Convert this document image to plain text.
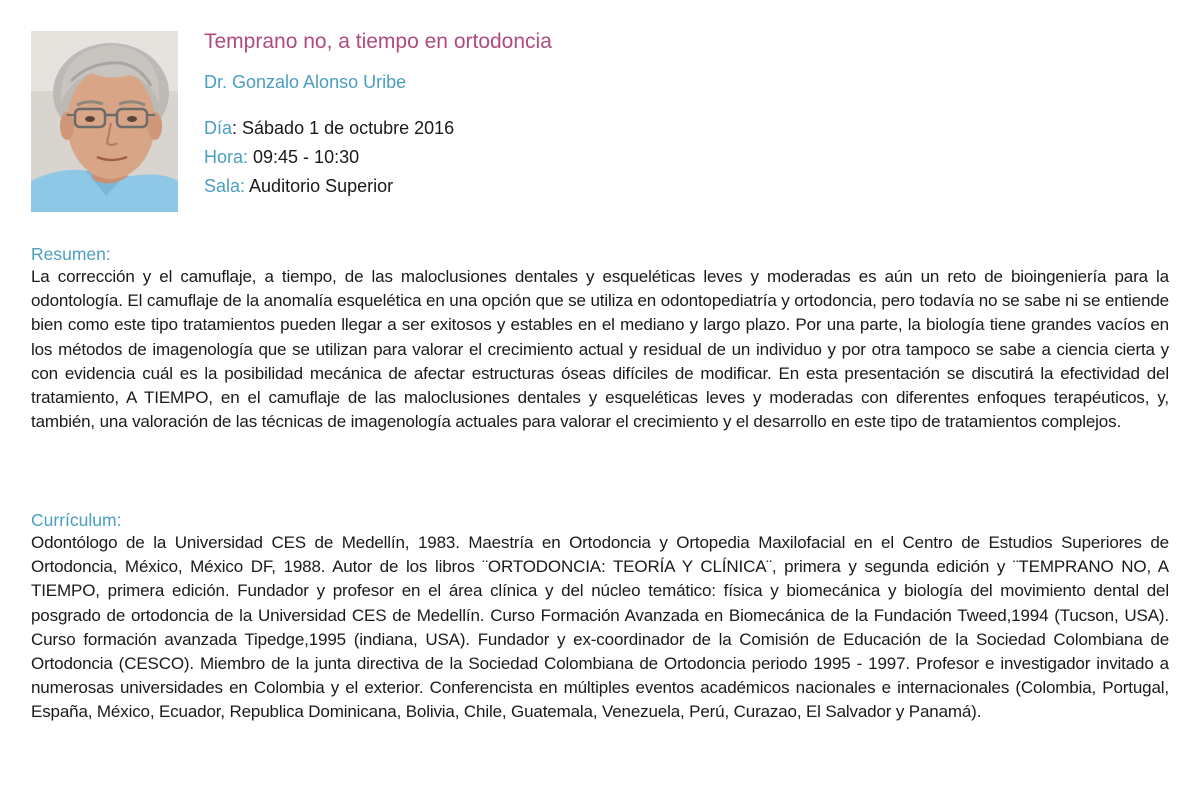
Temprano no, a tiempo en ortodoncia

Dr. Gonzalo Alonso Uribe

Día: Sábado 1 de octubre 2016
Hora: 09:45 - 10:30
Sala: Auditorio Superior

Resumen:

La corrección y el camuflaje, a tiempo, de las maloclusiones dentales y esqueléticas leves y moderadas es aún un reto de bioingeniería para la odontología. El camuflaje de la anomalía esquelética en una opción que se utiliza en odontopediatría y ortodoncia, pero todavía no se sabe ni se entiende bien como este tipo tratamientos pueden llegar a ser exitosos y estables en el mediano y largo plazo. Por una parte, la biología tiene grandes vacíos en los métodos de imagenología que se utilizan para valorar el crecimiento actual y residual de un individuo y por otra tampoco se sabe a ciencia cierta y con evidencia cuál es la posibilidad mecánica de afectar estructuras óseas difíciles de modificar. En esta presentación se discutirá la efectividad del tratamiento, A TIEMPO, en el camuflaje de las maloclusiones dentales y esqueléticas leves y moderadas con diferentes enfoques terapéuticos, y, también, una valoración de las técnicas de imagenología actuales para valorar el crecimiento y el desarrollo en este tipo de tratamientos complejos.

Currículum:

Odontólogo de la Universidad CES de Medellín, 1983. Maestría en Ortodoncia y Ortopedia Maxilofacial en el Centro de Estudios Superiores de Ortodoncia, México, México DF, 1988. Autor de los libros ¨ORTODONCIA: TEORÍA Y CLÍNICA¨, primera y segunda edición y ¨TEMPRANO NO, A TIEMPO, primera edición. Fundador y profesor en el área clínica y del núcleo temático: física y biomecánica y biología del movimiento dental del posgrado de ortodoncia de la Universidad CES de Medellín. Curso Formación Avanzada en Biomecánica de la Fundación Tweed,1994 (Tucson, USA). Curso formación avanzada Tipedge,1995 (indiana, USA). Fundador y ex-coordinador de la Comisión de Educación de la Sociedad Colombiana de Ortodoncia (CESCO). Miembro de la junta directiva de la Sociedad Colombiana de Ortodoncia periodo 1995 - 1997. Profesor e investigador invitado a numerosas universidades en Colombia y el exterior. Conferencista en múltiples eventos académicos nacionales e internacionales (Colombia, Portugal, España, México, Ecuador, Republica Dominicana, Bolivia, Chile, Guatemala, Venezuela, Perú, Curazao, El Salvador y Panamá).
